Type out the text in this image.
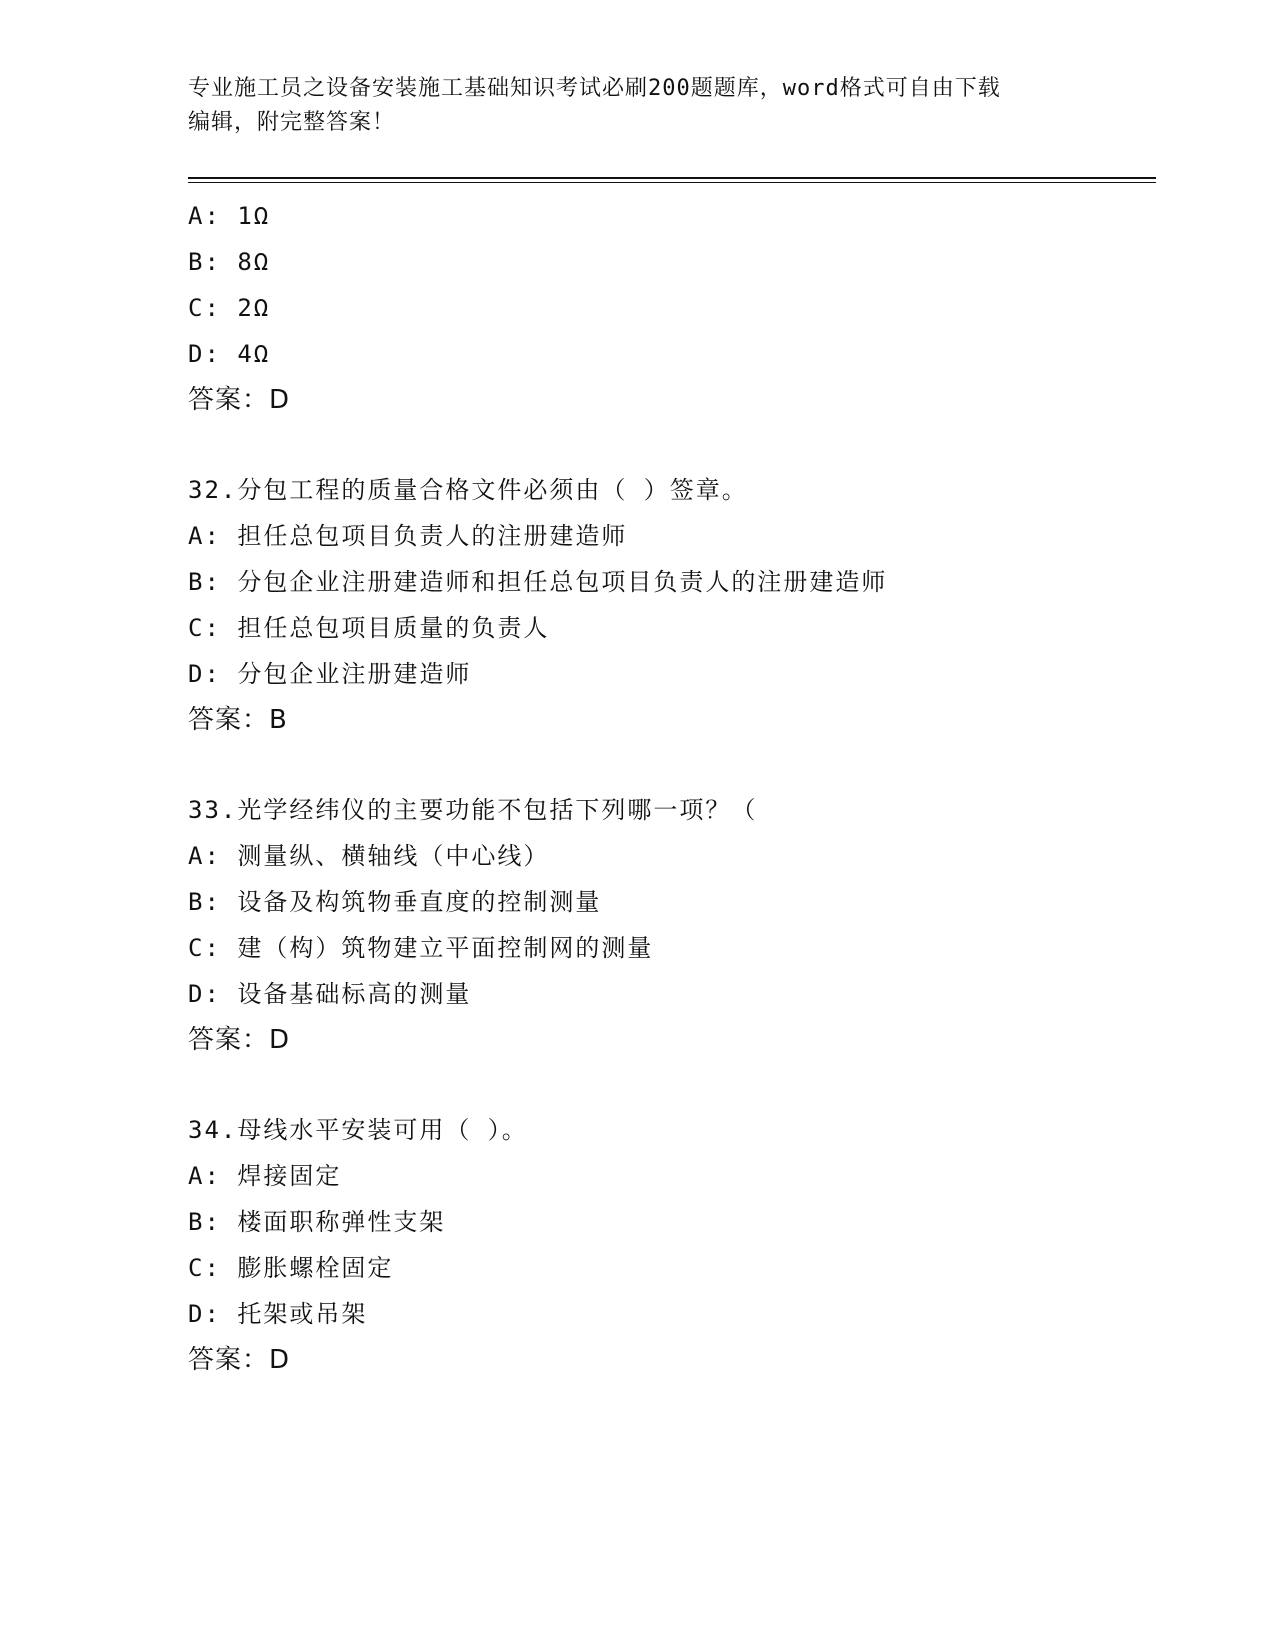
专业施工员之设备安装施工基础知识考试必刷200题题库，word格式可自由下载
编辑，附完整答案！
A: 1Ω
B: 8Ω
C: 2Ω
D: 4Ω
答案：D
32.分包工程的质量合格文件必须由（ ）签章。
A: 担任总包项目负责人的注册建造师
B: 分包企业注册建造师和担任总包项目负责人的注册建造师
C: 担任总包项目质量的负责人
D: 分包企业注册建造师
答案：B
33.光学经纬仪的主要功能不包括下列哪一项？（
A: 测量纵、横轴线（中心线）
B: 设备及构筑物垂直度的控制测量
C: 建（构）筑物建立平面控制网的测量
D: 设备基础标高的测量
答案：D
34.母线水平安装可用（ ）。
A: 焊接固定
B: 楼面职称弹性支架
C: 膨胀螺栓固定
D: 托架或吊架
答案：D
